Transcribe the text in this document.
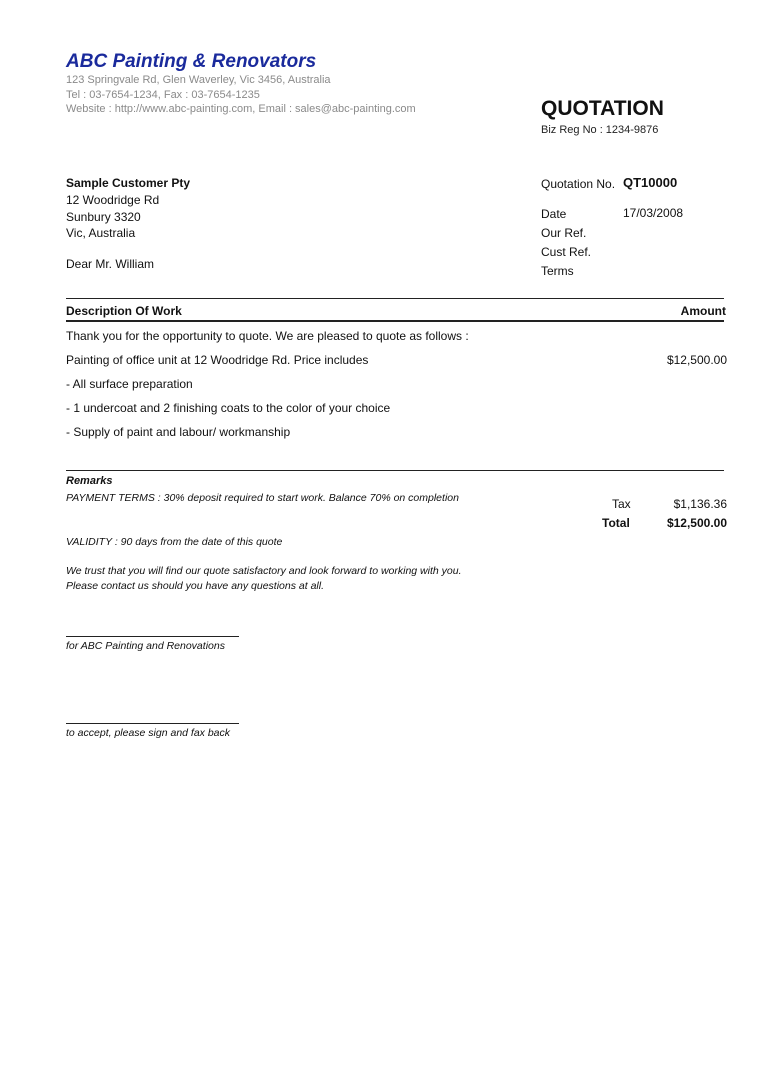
ABC Painting & Renovators
123 Springvale Rd, Glen Waverley, Vic 3456, Australia
Tel : 03-7654-1234, Fax : 03-7654-1235
Website : http://www.abc-painting.com, Email : sales@abc-painting.com	QUOTATION
Biz Reg No : 1234-9876
Sample Customer Pty
12 Woodridge Rd
Sunbury 3320
Vic, Australia
Dear Mr. William
Quotation No. QT10000
Date	17/03/2008
Our Ref.
Cust Ref.
Terms
Description Of Work	Amount
Thank you for the opportunity to quote. We are pleased to quote as follows :
Painting of office unit at 12 Woodridge Rd. Price includes	$12,500.00
- All surface preparation
- 1 undercoat and 2 finishing coats to the color of your choice
- Supply of paint and labour/ workmanship
Remarks
PAYMENT TERMS : 30% deposit required to start work. Balance 70% on completion
VALIDITY : 90 days from the date of this quote
We trust that you will find our quote satisfactory and look forward to working with you. Please contact us should you have any questions at all.
Tax	$1,136.36
Total	$12,500.00
for ABC Painting and Renovations
to accept, please sign and fax back
